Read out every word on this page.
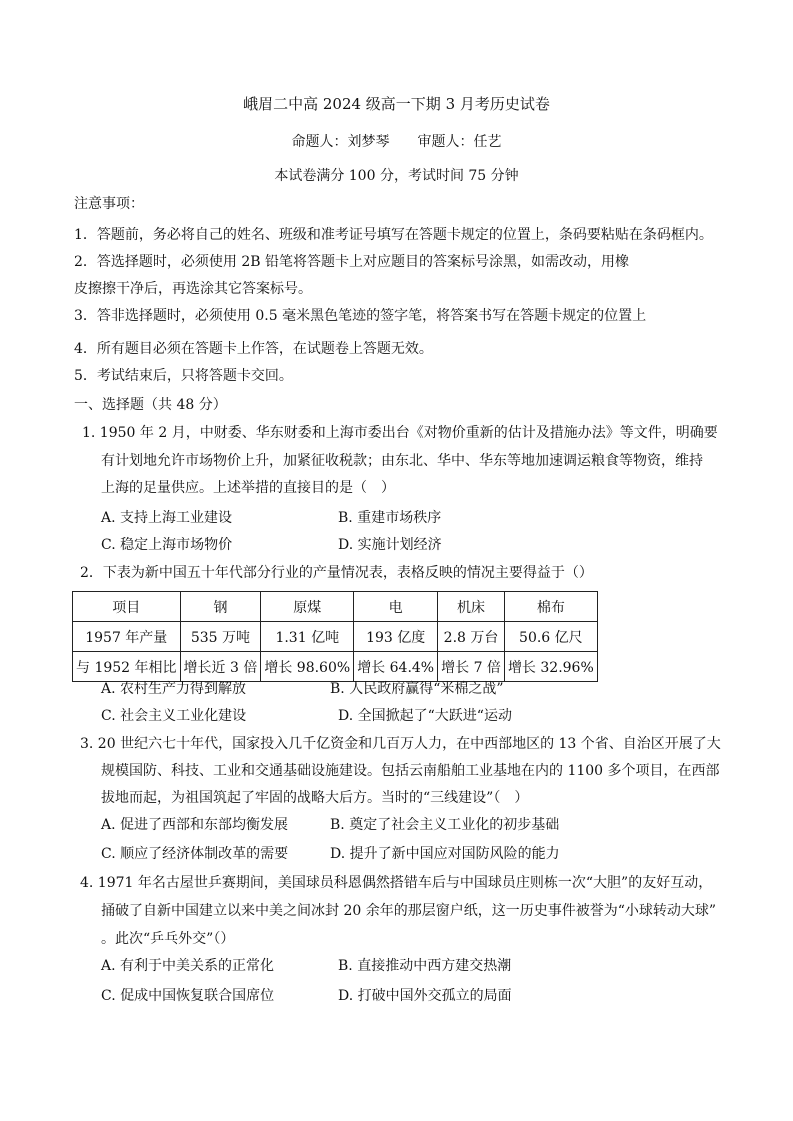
峨眉二中高 2024 级高一下期 3 月考历史试卷
命题人：刘梦琴　　审题人：任艺
本试卷满分 100 分，考试时间 75 分钟
注意事项：
1．答题前，务必将自己的姓名、班级和准考证号填写在答题卡规定的位置上，条码要粘贴在条码框内。
2．答选择题时，必须使用 2B 铅笔将答题卡上对应题目的答案标号涂黑，如需改动，用橡
皮擦擦干净后，再选涂其它答案标号。
3．答非选择题时，必须使用 0.5 毫米黑色笔迹的签字笔，将答案书写在答题卡规定的位置上
4．所有题目必须在答题卡上作答，在试题卷上答题无效。
5．考试结束后，只将答题卡交回。
一、选择题（共 48 分）
1. 1950 年 2 月，中财委、华东财委和上海市委出台《对物价重新的估计及措施办法》等文件，明确要
有计划地允许市场物价上升，加紧征收税款；由东北、华中、华东等地加速调运粮食等物资，维持
上海的足量供应。上述举措的直接目的是（　）
A. 支持上海工业建设	B. 重建市场秩序
C. 稳定上海市场物价	D. 实施计划经济
2．下表为新中国五十年代部分行业的产量情况表，表格反映的情况主要得益于（）
项目	钢	原煤	电	机床	棉布
1957 年产量	535 万吨	1.31 亿吨	193 亿度	2.8 万台	50.6 亿尺
与 1952 年相比	增长近 3 倍	增长 98.60%	增长 64.4%	增长 7 倍	增长 32.96%
A. 农村生产力得到解放	B. 人民政府赢得“米棉之战”
C. 社会主义工业化建设	D. 全国掀起了“大跃进“运动
3. 20 世纪六七十年代，国家投入几千亿资金和几百万人力，在中西部地区的 13 个省、自治区开展了大
规模国防、科技、工业和交通基础设施建设。包括云南船舶工业基地在内的 1100 多个项目，在西部
拔地而起，为祖国筑起了牢固的战略大后方。当时的“三线建设”（　）
A. 促进了西部和东部均衡发展	B. 奠定了社会主义工业化的初步基础
C. 顺应了经济体制改革的需要	D. 提升了新中国应对国防风险的能力
4. 1971 年名古屋世乒赛期间，美国球员科恩偶然搭错车后与中国球员庄则栋一次“大胆”的友好互动，
捅破了自新中国建立以来中美之间冰封 20 余年的那层窗户纸，这一历史事件被誉为“小球转动大球”
。此次“乒乓外交”（）
A. 有利于中美关系的正常化	B. 直接推动中西方建交热潮
C. 促成中国恢复联合国席位	D. 打破中国外交孤立的局面
